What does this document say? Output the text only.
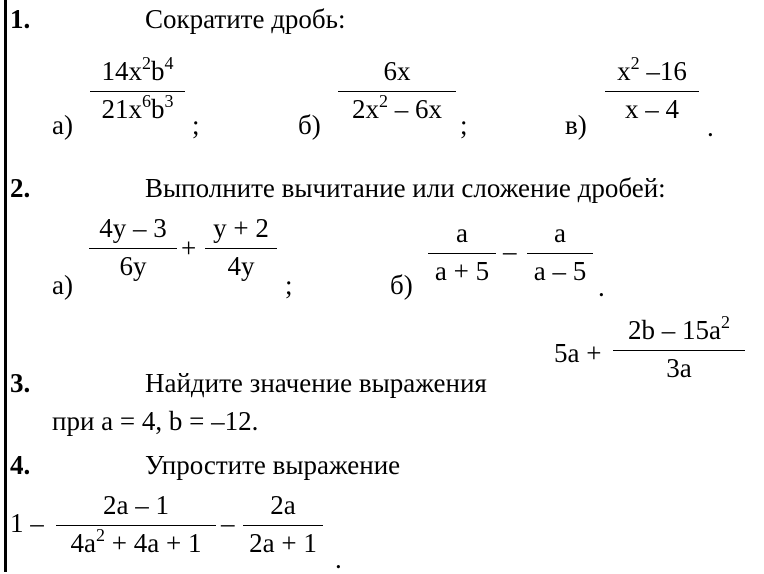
1.	Сократите дробь:
а)
$14x^2b^4$
$21x^6b^3$
;	б)
6x
$2x^2 - 6x$
;	в)
$x^2$ –16
x – 4
.
2.	Выполните вычитание или сложение дробей:
а)
4y – 3
6y
+
y + 2
4y
;	б)
a
a + 5
–
a
a – 5
.
5a +
$2b - 15a^2$
3a
3.	Найдите значение выражения
при a = 4, b = –12.
4.	Упростите выражение
1 –
2a – 1
$4a^2 + 4a + 1$
–
2a
2a + 1
.
